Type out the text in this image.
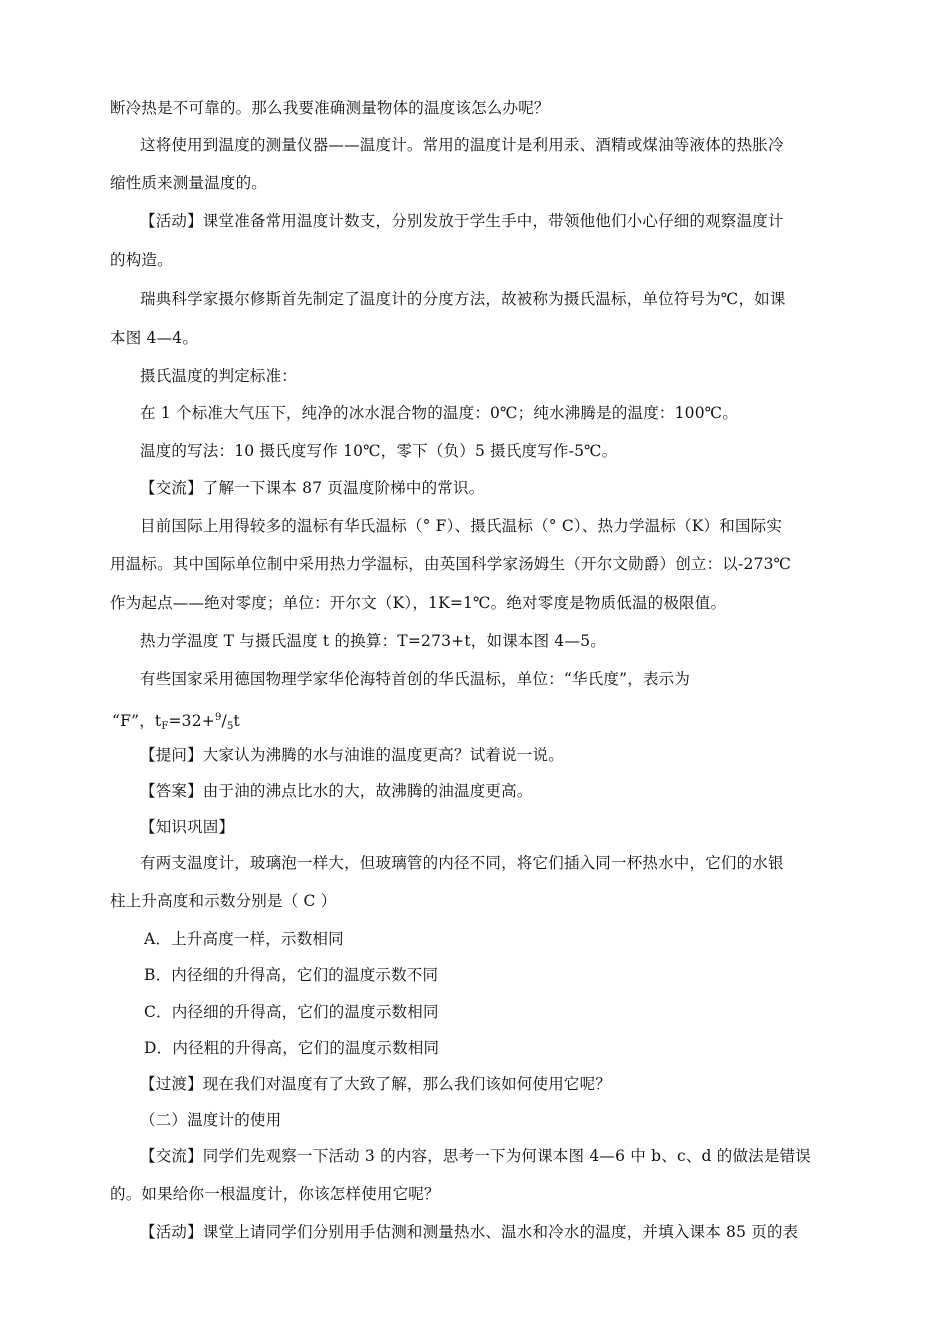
断冷热是不可靠的。那么我要准确测量物体的温度该怎么办呢？
这将使用到温度的测量仪器——温度计。常用的温度计是利用汞、酒精或煤油等液体的热胀冷
缩性质来测量温度的。
【活动】课堂准备常用温度计数支，分别发放于学生手中，带领他他们小心仔细的观察温度计
的构造。
瑞典科学家摄尔修斯首先制定了温度计的分度方法，故被称为摄氏温标，单位符号为℃，如课
本图 4—4。
摄氏温度的判定标准：
在 1 个标准大气压下，纯净的冰水混合物的温度：0℃；纯水沸腾是的温度：100℃。
温度的写法：10 摄氏度写作 10℃，零下（负）5 摄氏度写作-5℃。
【交流】了解一下课本 87 页温度阶梯中的常识。
目前国际上用得较多的温标有华氏温标（° F）、摄氏温标（° C）、热力学温标（K）和国际实
用温标。其中国际单位制中采用热力学温标，由英国科学家汤姆生（开尔文勋爵）创立：以-273℃
作为起点——绝对零度；单位：开尔文（K），1K=1℃。绝对零度是物质低温的极限值。
热力学温度 T 与摄氏温度 t 的换算：T=273+t，如课本图 4—5。
有些国家采用德国物理学家华伦海特首创的华氏温标，单位：“华氏度”，表示为
“F”，$t_F=32+^9/_5t$
【提问】大家认为沸腾的水与油谁的温度更高？试着说一说。
【答案】由于油的沸点比水的大，故沸腾的油温度更高。
【知识巩固】
有两支温度计，玻璃泡一样大，但玻璃管的内径不同，将它们插入同一杯热水中，它们的水银
柱上升高度和示数分别是（ C ）
A．上升高度一样，示数相同
B．内径细的升得高，它们的温度示数不同
C．内径细的升得高，它们的温度示数相同
D．内径粗的升得高，它们的温度示数相同
【过渡】现在我们对温度有了大致了解，那么我们该如何使用它呢？
（二）温度计的使用
【交流】同学们先观察一下活动 3 的内容，思考一下为何课本图 4—6 中 b、c、d 的做法是错误
的。如果给你一根温度计，你该怎样使用它呢？
【活动】课堂上请同学们分别用手估测和测量热水、温水和冷水的温度，并填入课本 85 页的表
